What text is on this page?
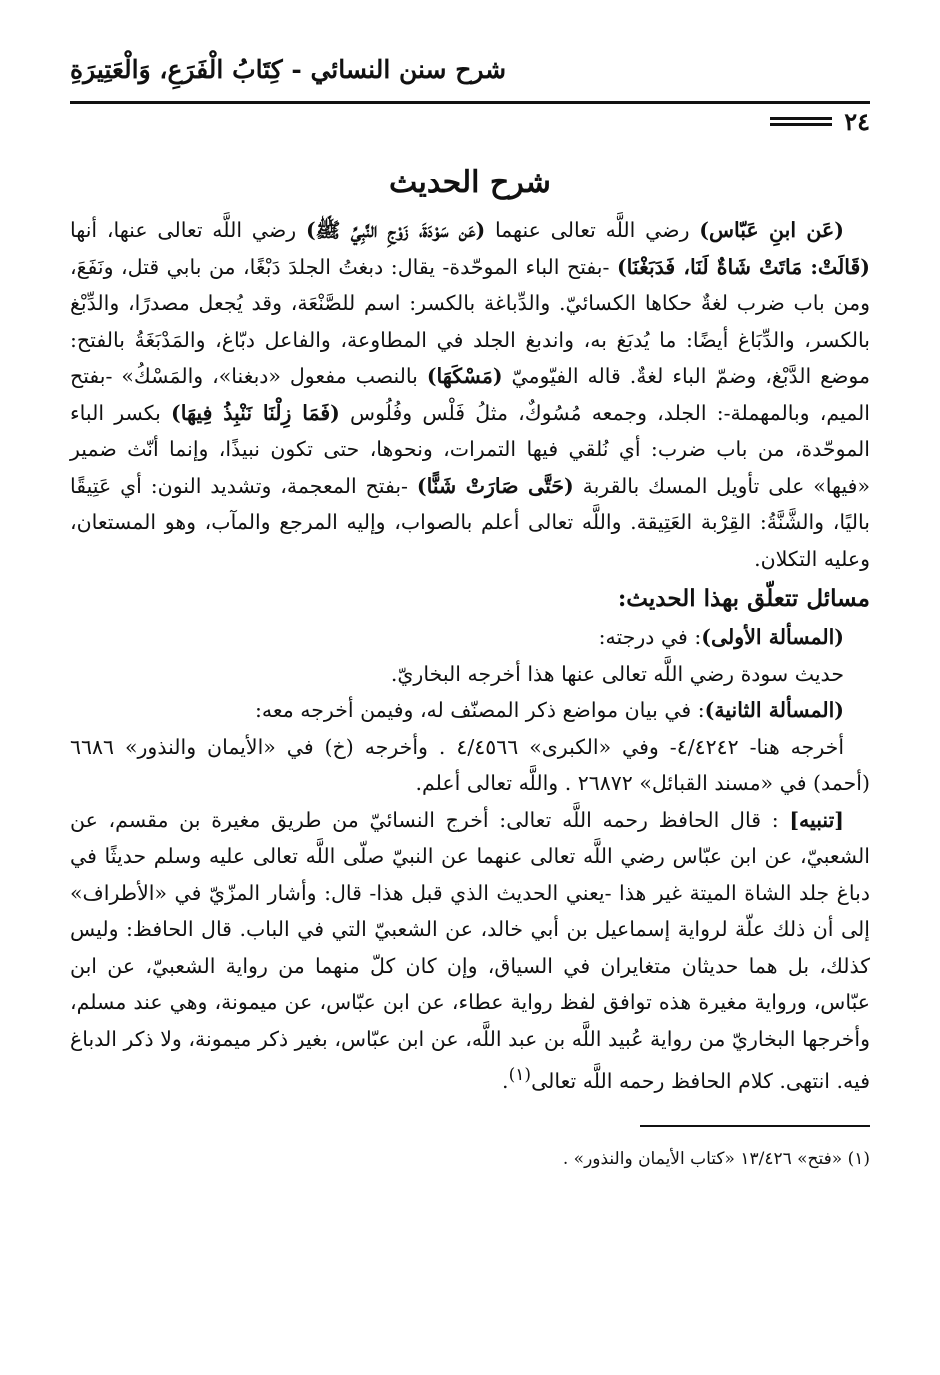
شرح سنن النسائي - كِتَابُ الْفَرَعِ، وَالْعَتِيرَةِ
٢٤
شرح الحديث

(عَن ابنِ عَبّاس) رضي اللَّه تعالى عنهما (عَن سَوْدَةَ، زَوْجِ النَّبِيِّ ﷺ) رضي اللَّه تعالى عنها، أنها (قَالَتْ: مَاتَتْ شَاةٌ لَنَا، فَدَبَغْنَا) -بفتح الباء الموحّدة- يقال: دبغتُ الجلدَ دَبْغًا، من بابي قتل، ونَفَعَ، ومن باب ضرب لغةٌ حكاها الكسائيّ. والدِّباغة بالكسر: اسم للصَّنْعَة، وقد يُجعل مصدرًا، والدِّبْغ بالكسر، والدِّبَاغ أيضًا: ما يُدبَغ به، واندبغ الجلد في المطاوعة، والفاعل دبّاغ، والمَدْبَغَةُ بالفتح: موضع الدَّبْغ، وضمّ الباء لغةٌ. قاله الفيّوميّ (مَسْكَهَا) بالنصب مفعول «دبغنا»، والمَسْكُ» -بفتح الميم، وبالمهملة-: الجلد، وجمعه مُسُوكٌ، مثلُ فَلْس وفُلُوس (فَمَا زِلْنَا نَنْبِذُ فِيهَا) بكسر الباء الموحّدة، من باب ضرب: أي نُلقي فيها التمرات، ونحوها، حتى تكون نبيذًا، وإنما أنّث ضمير «فيها» على تأويل المسك بالقربة (حَتَّى صَارَتْ شَنًّا) -بفتح المعجمة، وتشديد النون: أي عَتِيقًا باليًا، والشَّنَّةُ: القِرْبة العَتِيقة. واللَّه تعالى أعلم بالصواب، وإليه المرجع والمآب، وهو المستعان، وعليه التكلان.

مسائل تتعلّق بهذا الحديث:

(المسألة الأولى): في درجته:

حديث سودة رضي اللَّه تعالى عنها هذا أخرجه البخاريّ.

(المسألة الثانية): في بيان مواضع ذكر المصنّف له، وفيمن أخرجه معه:

أخرجه هنا- ٤/٤٢٤٢- وفي «الكبرى» ٤/٤٥٦٦ . وأخرجه (خ) في «الأيمان والنذور» ٦٦٨٦ (أحمد) في «مسند القبائل» ٢٦٨٧٢ . واللَّه تعالى أعلم.

[تنبيه] : قال الحافظ رحمه اللَّه تعالى: أخرج النسائيّ من طريق مغيرة بن مقسم، عن الشعبيّ، عن ابن عبّاس رضي اللَّه تعالى عنهما عن النبيّ صلّى اللَّه تعالى عليه وسلم حديثًا في دباغ جلد الشاة الميتة غير هذا -يعني الحديث الذي قبل هذا- قال: وأشار المزّيّ في «الأطراف» إلى أن ذلك علّة لرواية إسماعيل بن أبي خالد، عن الشعبيّ التي في الباب. قال الحافظ: وليس كذلك، بل هما حديثان متغايران في السياق، وإن كان كلّ منهما من رواية الشعبيّ، عن ابن عبّاس، ورواية مغيرة هذه توافق لفظ رواية عطاء، عن ابن عبّاس، عن ميمونة، وهي عند مسلم، وأخرجها البخاريّ من رواية عُبيد اللَّه بن عبد اللَّه، عن ابن عبّاس، بغير ذكر ميمونة، ولا ذكر الدباغ فيه. انتهى. كلام الحافظ رحمه اللَّه تعالى$^{(١)}$.

(١) «فتح» ١٣/٤٢٦ «كتاب الأيمان والنذور» .
